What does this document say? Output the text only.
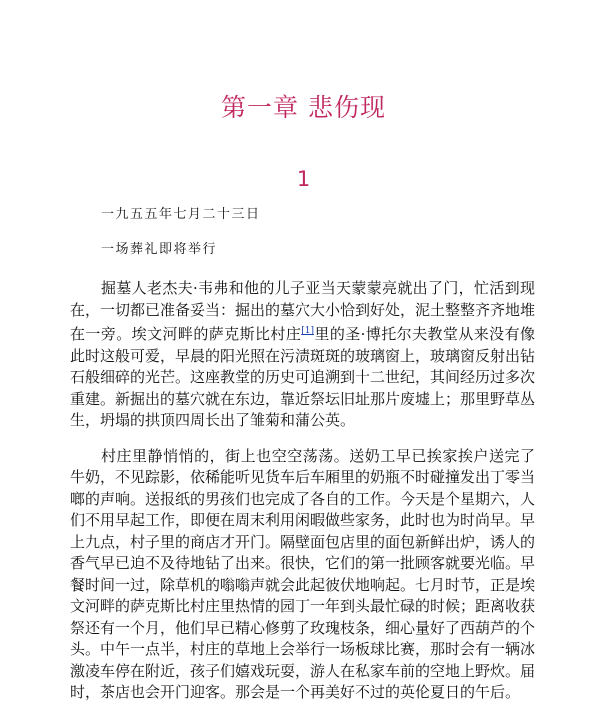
第一章 悲伤现
1

一九五五年七月二十三日

一场葬礼即将举行

掘墓人老杰夫·韦弗和他的儿子亚当天蒙蒙亮就出了门，忙活到现在，一切都已准备妥当：掘出的墓穴大小恰到好处，泥土整整齐齐地堆在一旁。埃文河畔的萨克斯比村庄[1]里的圣·博托尔夫教堂从来没有像此时这般可爱，早晨的阳光照在污渍斑斑的玻璃窗上，玻璃窗反射出钻石般细碎的光芒。这座教堂的历史可追溯到十二世纪，其间经历过多次重建。新掘出的墓穴就在东边，靠近祭坛旧址那片废墟上；那里野草丛生，坍塌的拱顶四周长出了雏菊和蒲公英。

村庄里静悄悄的，街上也空空荡荡。送奶工早已挨家挨户送完了牛奶，不见踪影，依稀能听见货车后车厢里的奶瓶不时碰撞发出丁零当啷的声响。送报纸的男孩们也完成了各自的工作。今天是个星期六，人们不用早起工作，即便在周末利用闲暇做些家务，此时也为时尚早。早上九点，村子里的商店才开门。隔壁面包店里的面包新鲜出炉，诱人的香气早已迫不及待地钻了出来。很快，它们的第一批顾客就要光临。早餐时间一过，除草机的嗡嗡声就会此起彼伏地响起。七月时节，正是埃文河畔的萨克斯比村庄里热情的园丁一年到头最忙碌的时候；距离收获祭还有一个月，他们早已精心修剪了玫瑰枝条，细心量好了西葫芦的个头。中午一点半，村庄的草地上会举行一场板球比赛，那时会有一辆冰激凌车停在附近，孩子们嬉戏玩耍，游人在私家车前的空地上野炊。届时，茶店也会开门迎客。那会是一个再美好不过的英伦夏日的午后。
